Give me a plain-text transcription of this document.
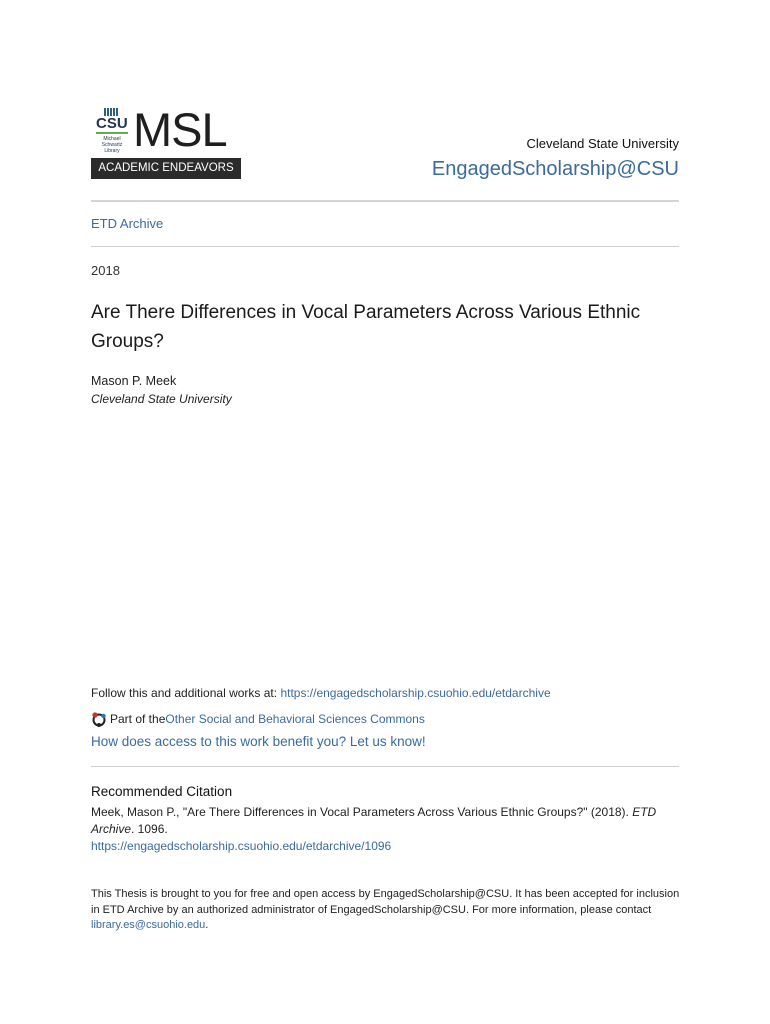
CSU
Michael Schwartz Library MSL
ACADEMIC ENDEAVORS
Cleveland State University
EngagedScholarship@CSU
ETD Archive
2018
Are There Differences in Vocal Parameters Across Various Ethnic Groups?
Mason P. Meek
Cleveland State University
Follow this and additional works at: https://engagedscholarship.csuohio.edu/etdarchive
Part of the Other Social and Behavioral Sciences Commons
How does access to this work benefit you? Let us know!
Recommended Citation
Meek, Mason P., "Are There Differences in Vocal Parameters Across Various Ethnic Groups?" (2018). ETD Archive. 1096.
https://engagedscholarship.csuohio.edu/etdarchive/1096
This Thesis is brought to you for free and open access by EngagedScholarship@CSU. It has been accepted for inclusion in ETD Archive by an authorized administrator of EngagedScholarship@CSU. For more information, please contact library.es@csuohio.edu.
